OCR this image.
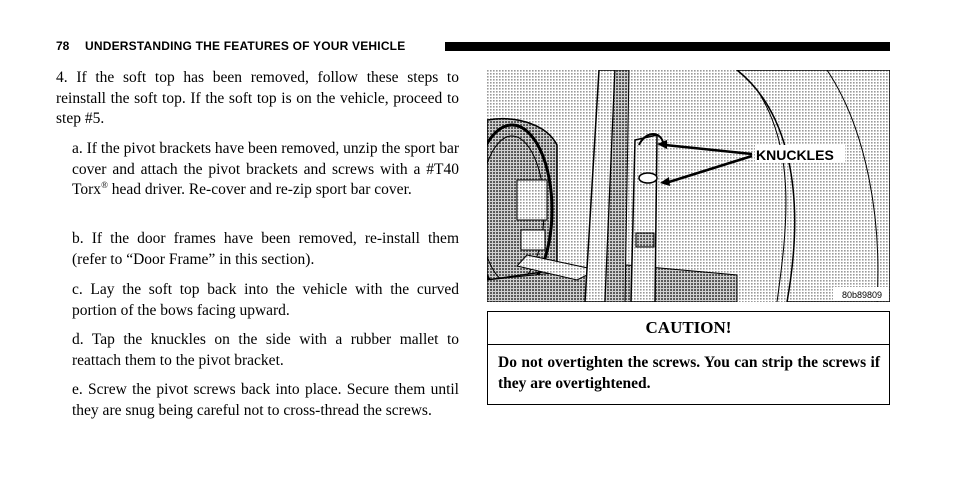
78 UNDERSTANDING THE FEATURES OF YOUR VEHICLE
4. If the soft top has been removed, follow these steps to reinstall the soft top. If the soft top is on the vehicle, proceed to step #5.
a. If the pivot brackets have been removed, unzip the sport bar cover and attach the pivot brackets and screws with a #T40 Torx® head driver. Re-cover and re-zip sport bar cover.
b. If the door frames have been removed, re-install them (refer to “Door Frame” in this section).
c. Lay the soft top back into the vehicle with the curved portion of the bows facing upward.
d. Tap the knuckles on the side with a rubber mallet to reattach them to the pivot bracket.
e. Screw the pivot screws back into place. Secure them until they are snug being careful not to cross-thread the screws.
KNUCKLES
80b89809
CAUTION!
Do not overtighten the screws. You can strip the screws if they are overtightened.
